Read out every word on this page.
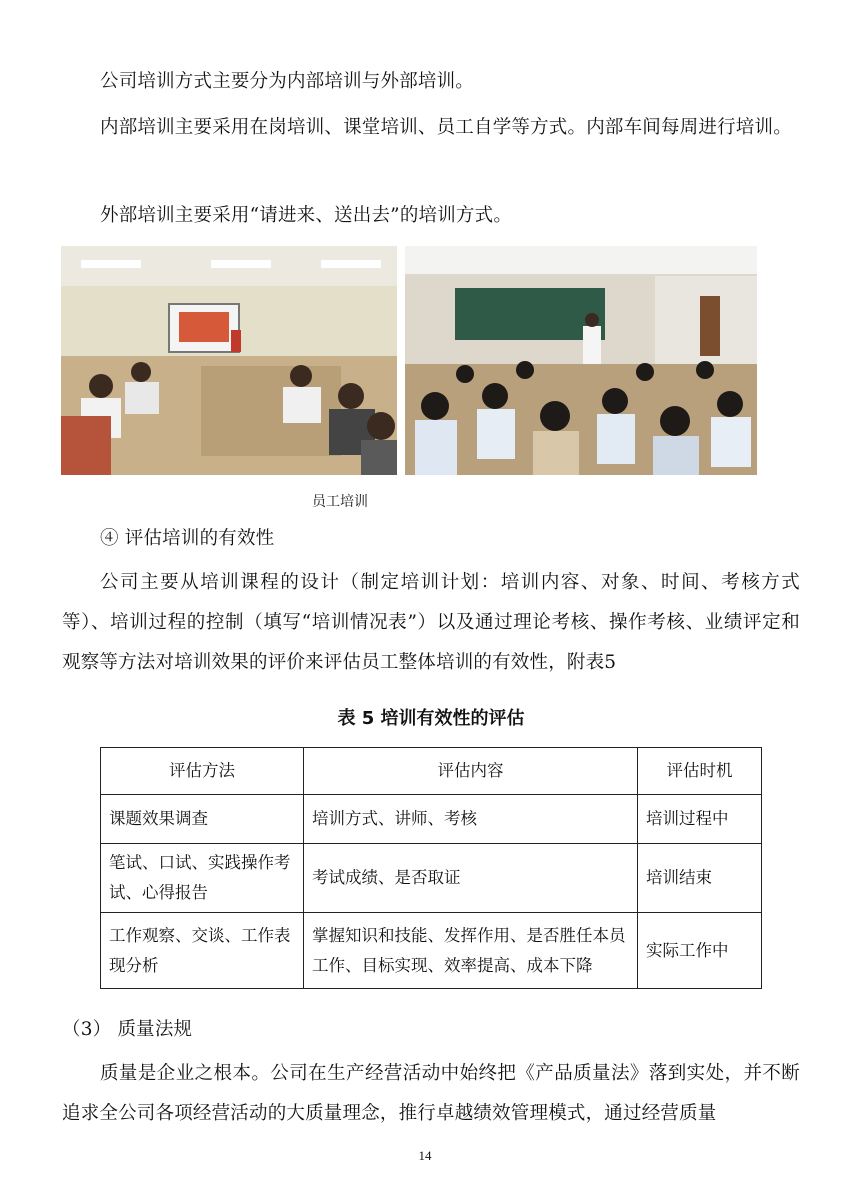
公司培训方式主要分为内部培训与外部培训。

内部培训主要采用在岗培训、课堂培训、员工自学等方式。内部车间每周进行培训。

外部培训主要采用“请进来、送出去”的培训方式。

员工培训

④ 评估培训的有效性

公司主要从培训课程的设计（制定培训计划：培训内容、对象、时间、考核方式等）、培训过程的控制（填写“培训情况表”）以及通过理论考核、操作考核、业绩评定和观察等方法对培训效果的评价来评估员工整体培训的有效性，附表5

表 5 培训有效性的评估

评估方法	评估内容	评估时机
课题效果调查	培训方式、讲师、考核	培训过程中
笔试、口试、实践操作考试、心得报告	考试成绩、是否取证	培训结束
工作观察、交谈、工作表现分析	掌握知识和技能、发挥作用、是否胜任本员工作、目标实现、效率提高、成本下降	实际工作中

（3） 质量法规

质量是企业之根本。公司在生产经营活动中始终把《产品质量法》落到实处，并不断追求全公司各项经营活动的大质量理念，推行卓越绩效管理模式，通过经营质量

14
